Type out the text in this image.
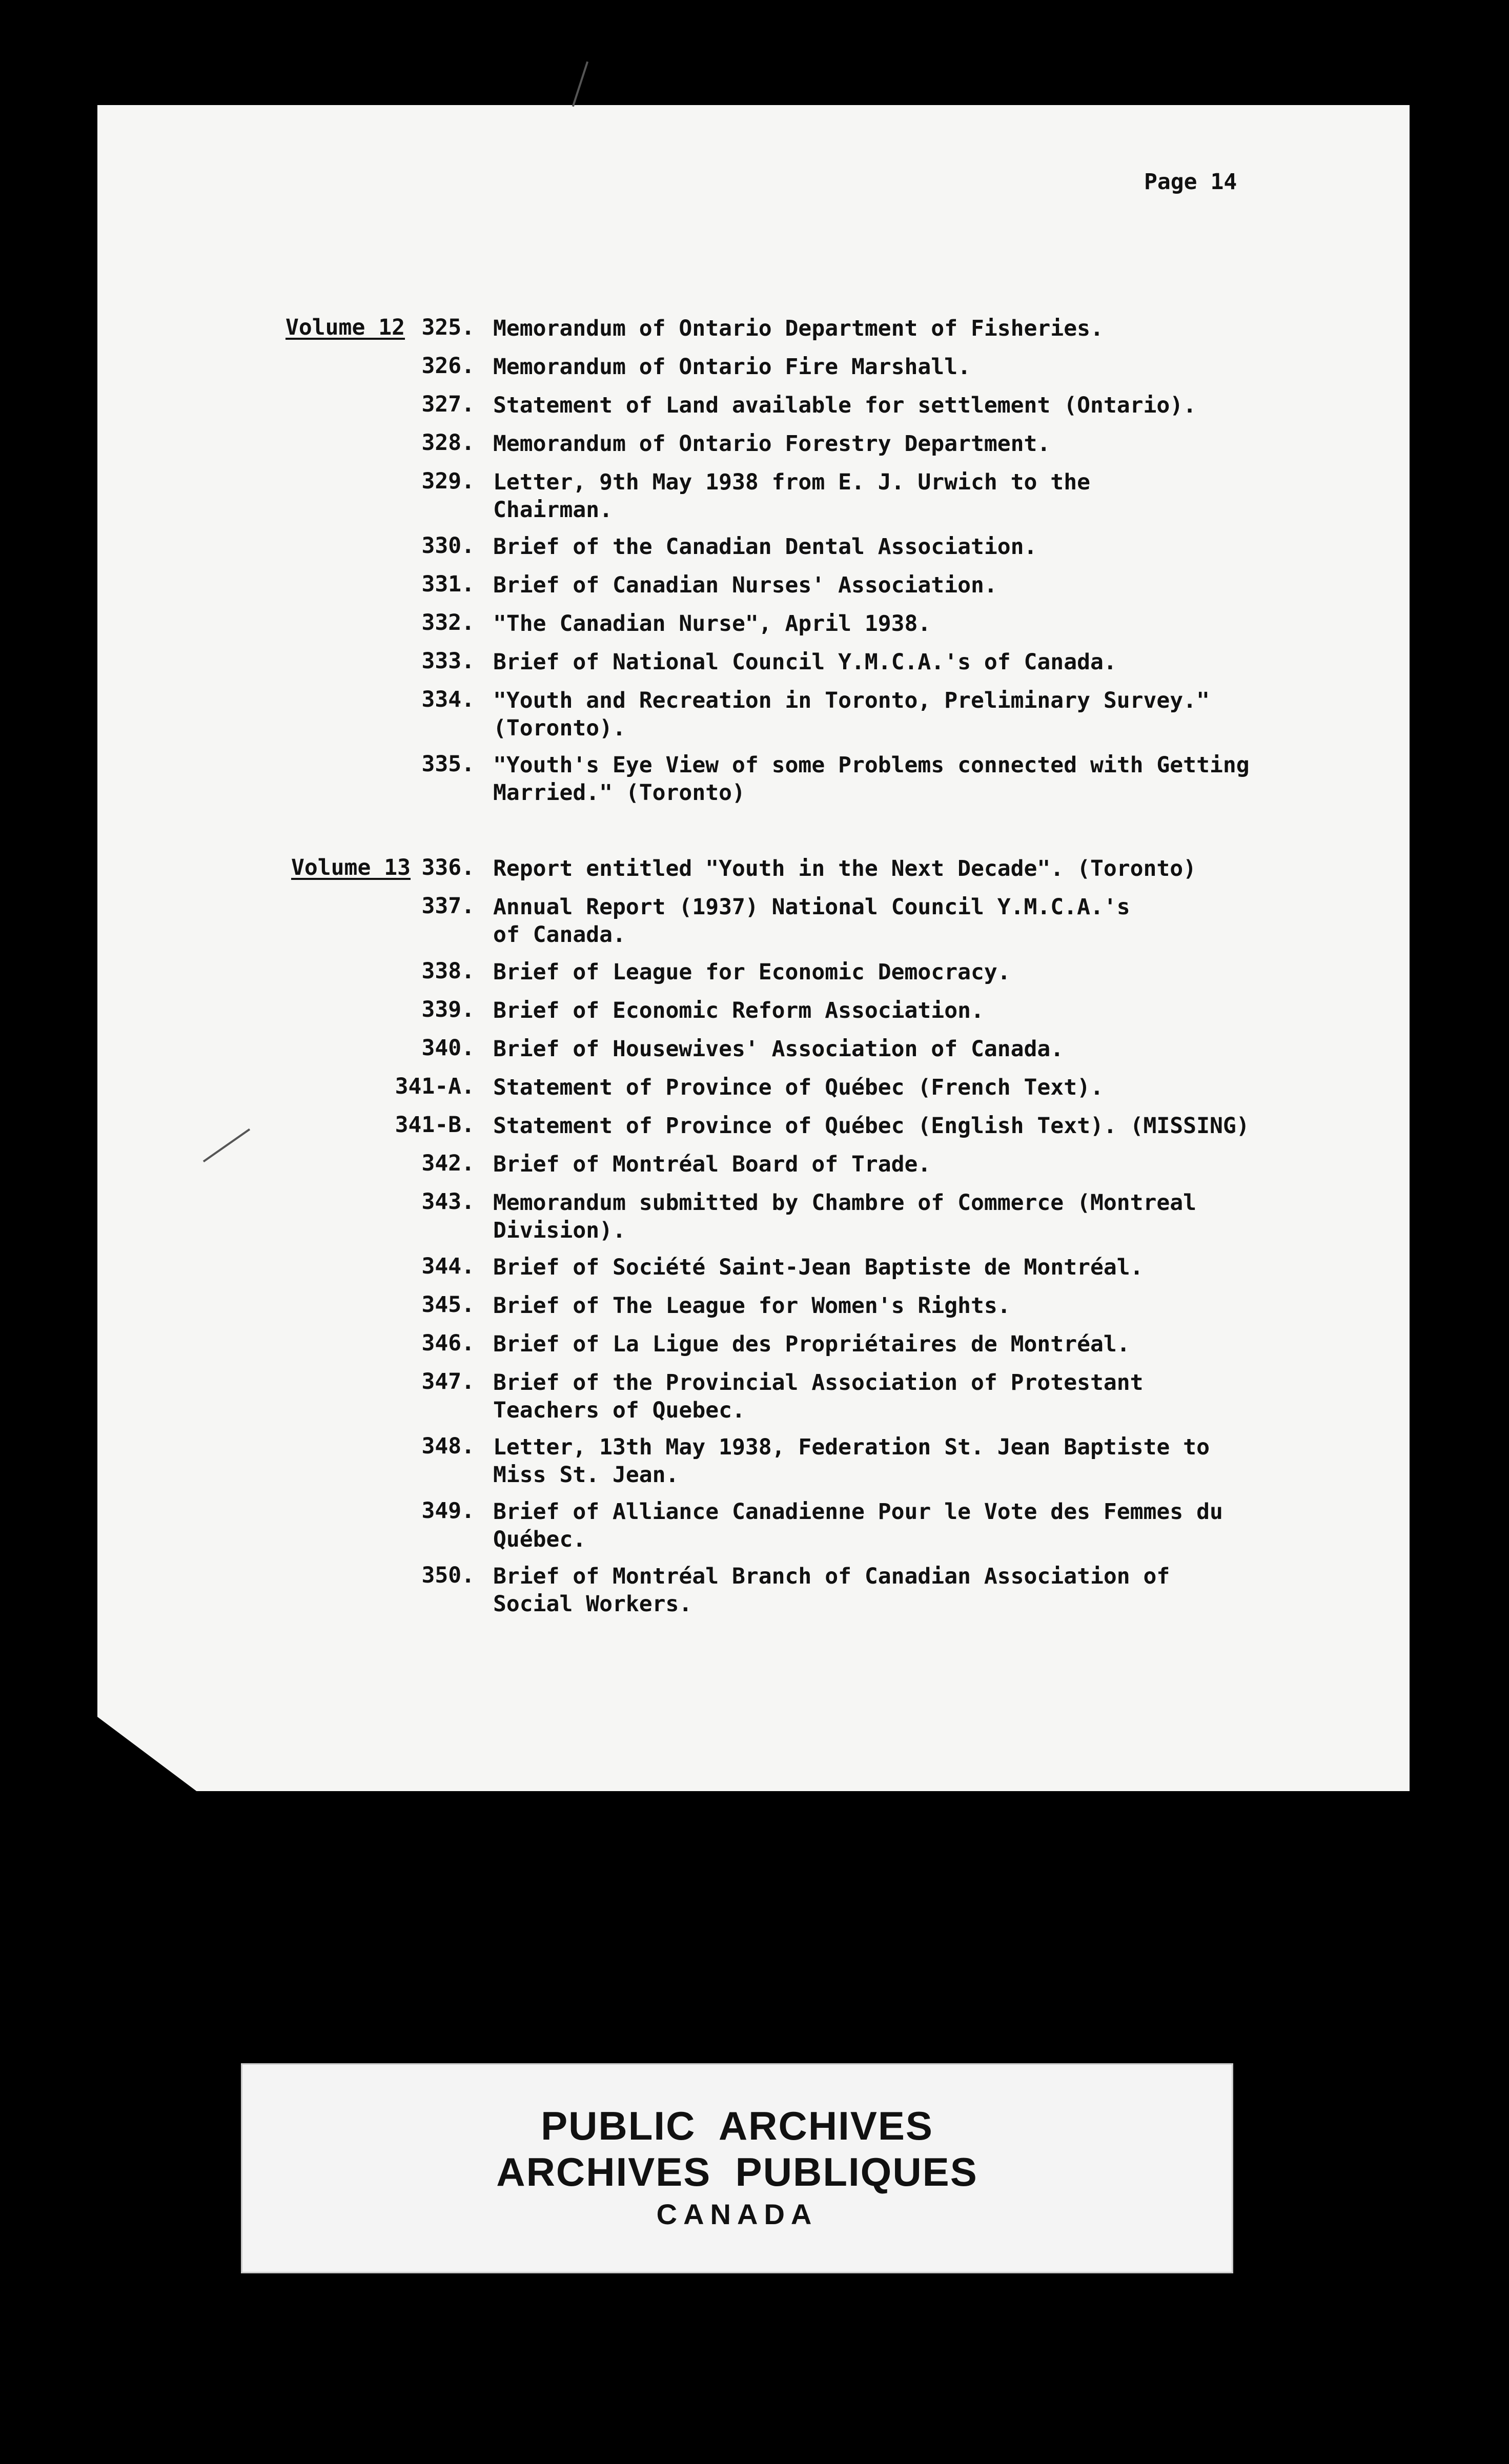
Page 14
Volume 12
Volume 13
325. Memorandum of Ontario Department of Fisheries.
326. Memorandum of Ontario Fire Marshall.
327. Statement of Land available for settlement (Ontario).
328. Memorandum of Ontario Forestry Department.
329. Letter, 9th May 1938 from E. J. Urwich to the
Chairman.
330. Brief of the Canadian Dental Association.
331. Brief of Canadian Nurses' Association.
332. "The Canadian Nurse", April 1938.
333. Brief of National Council Y.M.C.A.'s of Canada.
334. "Youth and Recreation in Toronto, Preliminary Survey."
(Toronto).
335. "Youth's Eye View of some Problems connected with Getting
Married." (Toronto)
336. Report entitled "Youth in the Next Decade". (Toronto)
337. Annual Report (1937) National Council Y.M.C.A.'s
of Canada.
338. Brief of League for Economic Democracy.
339. Brief of Economic Reform Association.
340. Brief of Housewives' Association of Canada.
341-A. Statement of Province of Québec (French Text).
341-B. Statement of Province of Québec (English Text). (MISSING)
342. Brief of Montréal Board of Trade.
343. Memorandum submitted by Chambre of Commerce (Montreal
Division).
344. Brief of Société Saint-Jean Baptiste de Montréal.
345. Brief of The League for Women's Rights.
346. Brief of La Ligue des Propriétaires de Montréal.
347. Brief of the Provincial Association of Protestant
Teachers of Quebec.
348. Letter, 13th May 1938, Federation St. Jean Baptiste to
Miss St. Jean.
349. Brief of Alliance Canadienne Pour le Vote des Femmes du
Québec.
350. Brief of Montréal Branch of Canadian Association of
Social Workers.
PUBLIC  ARCHIVES
ARCHIVES  PUBLIQUES
CANADA
